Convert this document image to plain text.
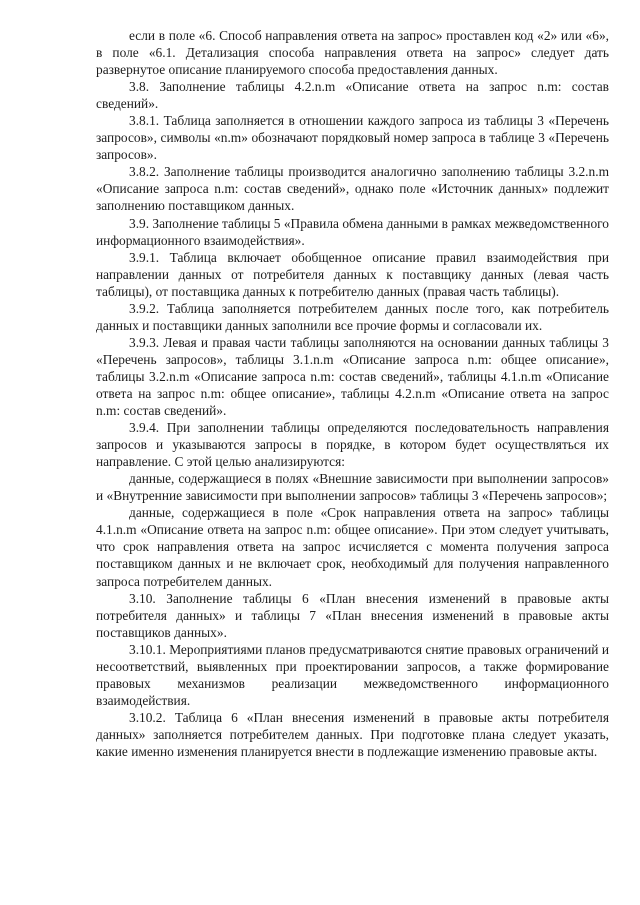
если в поле «6. Способ направления ответа на запрос» проставлен код «2» или «6», в поле «6.1. Детализация способа направления ответа на запрос» следует дать развернутое описание планируемого способа предоставления данных.

3.8. Заполнение таблицы 4.2.n.m «Описание ответа на запрос n.m: состав сведений».

3.8.1. Таблица заполняется в отношении каждого запроса из таблицы 3 «Перечень запросов», символы «n.m» обозначают порядковый номер запроса в таблице 3 «Перечень запросов».

3.8.2. Заполнение таблицы производится аналогично заполнению таблицы 3.2.n.m «Описание запроса n.m: состав сведений», однако поле «Источник данных» подлежит заполнению поставщиком данных.

3.9. Заполнение таблицы 5 «Правила обмена данными в рамках межведомственного информационного взаимодействия».

3.9.1. Таблица включает обобщенное описание правил взаимодействия при направлении данных от потребителя данных к поставщику данных (левая часть таблицы), от поставщика данных к потребителю данных (правая часть таблицы).

3.9.2. Таблица заполняется потребителем данных после того, как потребитель данных и поставщики данных заполнили все прочие формы и согласовали их.

3.9.3. Левая и правая части таблицы заполняются на основании данных таблицы 3 «Перечень запросов», таблицы 3.1.n.m «Описание запроса n.m: общее описание», таблицы 3.2.n.m «Описание запроса n.m: состав сведений», таблицы 4.1.n.m «Описание ответа на запрос n.m: общее описание», таблицы 4.2.n.m «Описание ответа на запрос n.m: состав сведений».

3.9.4. При заполнении таблицы определяются последовательность направления запросов и указываются запросы в порядке, в котором будет осуществляться их направление. С этой целью анализируются:

данные, содержащиеся в полях «Внешние зависимости при выполнении запросов» и «Внутренние зависимости при выполнении запросов» таблицы 3 «Перечень запросов»;

данные, содержащиеся в поле «Срок направления ответа на запрос» таблицы 4.1.n.m «Описание ответа на запрос n.m: общее описание». При этом следует учитывать, что срок направления ответа на запрос исчисляется с момента получения запроса поставщиком данных и не включает срок, необходимый для получения направленного запроса потребителем данных.

3.10. Заполнение таблицы 6 «План внесения изменений в правовые акты потребителя данных» и таблицы 7 «План внесения изменений в правовые акты поставщиков данных».

3.10.1. Мероприятиями планов предусматриваются снятие правовых ограничений и несоответствий, выявленных при проектировании запросов, а также формирование правовых механизмов реализации межведомственного информационного взаимодействия.

3.10.2. Таблица 6 «План внесения изменений в правовые акты потребителя данных» заполняется потребителем данных. При подготовке плана следует указать, какие именно изменения планируется внести в подлежащие изменению правовые акты.
